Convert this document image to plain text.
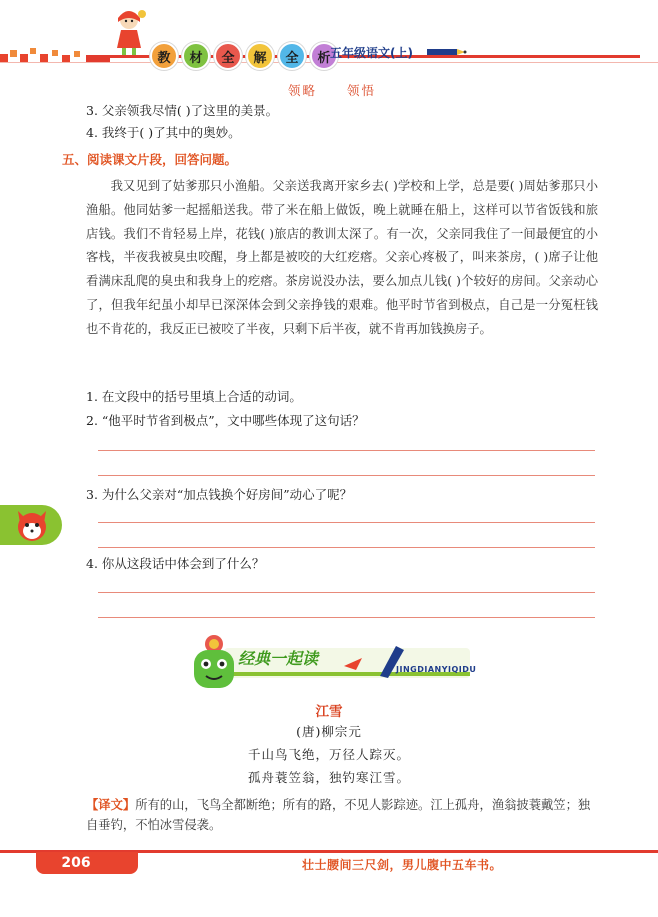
教	材	全	解	全	析 五年级语文(上)
领略 领悟
3. 父亲领我尽情( )了这里的美景。
4. 我终于( )了其中的奥妙。
五、阅读课文片段，回答问题。

我又见到了姑爹那只小渔船。父亲送我离开家乡去( )学校和上学，总是要( )周姑爹那只小渔船。他同姑爹一起摇船送我。带了米在船上做饭，晚上就睡在船上，这样可以节省饭钱和旅店钱。我们不肯轻易上岸，花钱( )旅店的教训太深了。有一次，父亲同我住了一间最便宜的小客栈，半夜我被臭虫咬醒，身上都是被咬的大红疙瘩。父亲心疼极了，叫来茶房，( )席子让他看满床乱爬的臭虫和我身上的疙瘩。茶房说没办法，要么加点儿钱( )个较好的房间。父亲动心了，但我年纪虽小却早已深深体会到父亲挣钱的艰难。他平时节省到极点，自己是一分冤枉钱也不肯花的，我反正已被咬了半夜，只剩下后半夜，就不肯再加钱换房子。

1. 在文段中的括号里填上合适的动词。
2. “他平时节省到极点”，文中哪些体现了这句话？
3. 为什么父亲对“加点钱换个好房间”动心了呢？
4. 你从这段话中体会到了什么？
经典一起读
JINGDIANYIQIDU
江雪
(唐)柳宗元
千山鸟飞绝，万径人踪灭。
孤舟蓑笠翁，独钓寒江雪。
【译文】所有的山，飞鸟全都断绝；所有的路，不见人影踪迹。江上孤舟，渔翁披蓑戴笠；独自垂钓，不怕冰雪侵袭。
206	壮士腰间三尺剑，男儿腹中五车书。
